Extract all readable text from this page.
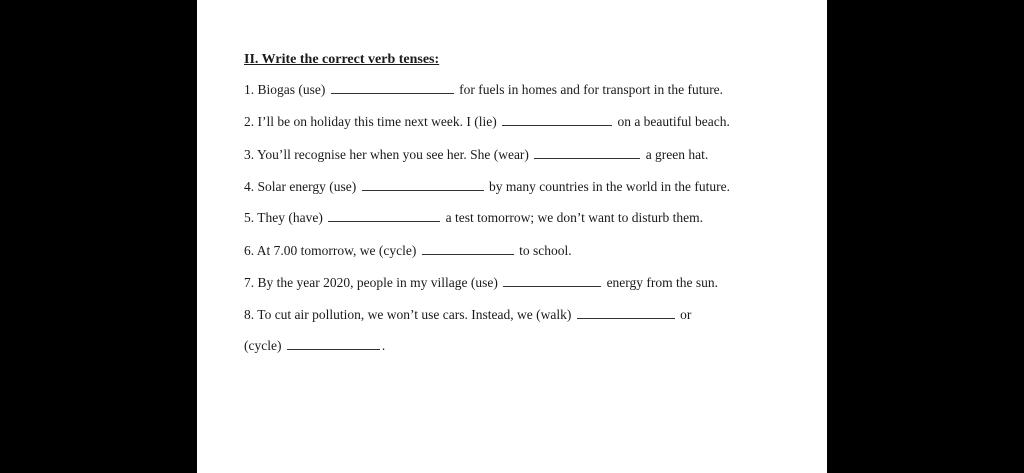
II. Write the correct verb tenses:
1. Biogas (use)	for fuels in homes and for transport in the future.
2. I’ll be on holiday this time next week. I (lie)	on a beautiful beach.
3. You’ll recognise her when you see her. She (wear)	a green hat.
4. Solar energy (use)	by many countries in the world in the future.
5. They (have)	a test tomorrow; we don’t want to disturb them.
6. At 7.00 tomorrow, we (cycle)	to school.
7. By the year 2020, people in my village (use)	energy from the sun.
8. To cut air pollution, we won’t use cars. Instead, we (walk)	or
(cycle)	.
